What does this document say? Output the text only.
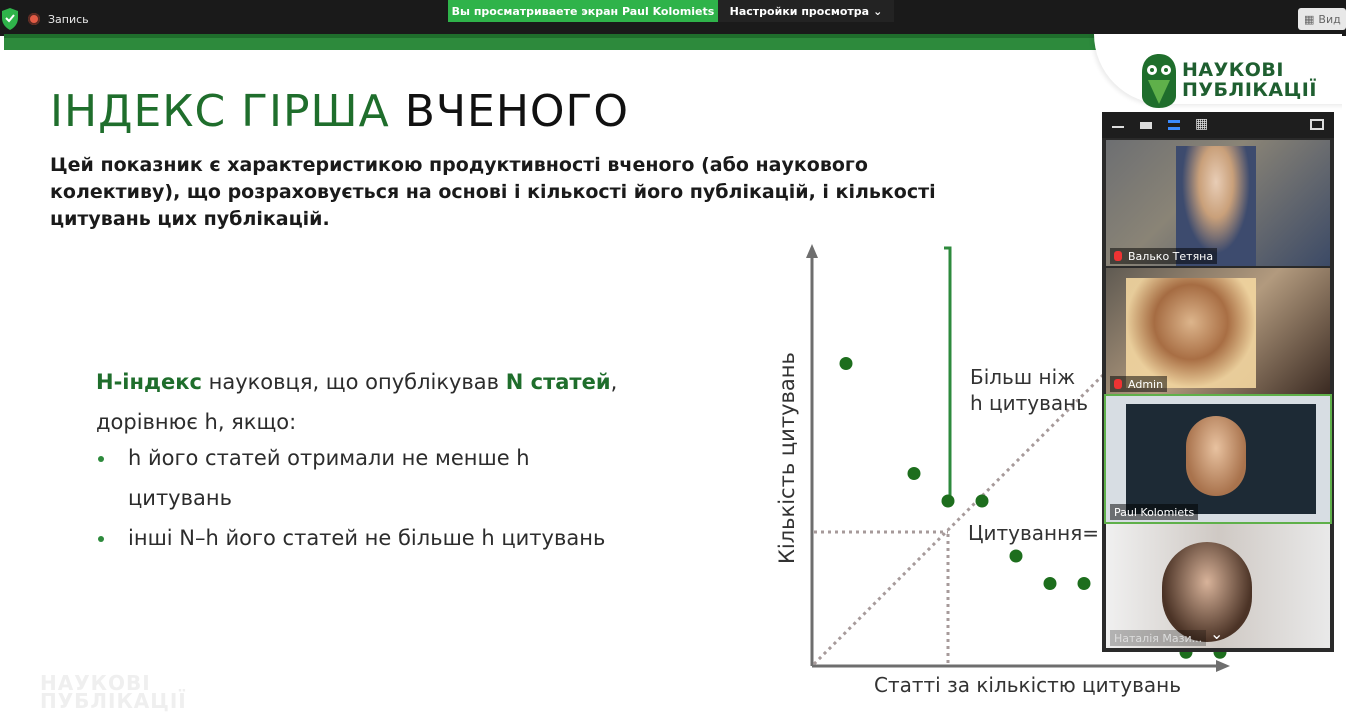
Запись
Вы просматриваете экран Paul Kolomiets	Настройки просмотра ⌄
▦ Вид
НАУКОВІ
ПУБЛІКАЦІЇ
ІНДЕКС ГІРША ВЧЕНОГО
Цей показник є характеристикою продуктивності вченого (або наукового
колективу), що розраховується на основі і кількості його публікацій, і кількості
цитувань цих публікацій.
Н-індекс науковця, що опублікував N статей,
дорівнює h, якщо:
h його статей отримали не менше h
цитувань
інші N–h його статей не більше h цитувань
НАУКОВІ
ПУБЛІКАЦІЇ
Кількість цитувань
Статті за кількістю цитувань
Більш ніж
h цитувань
Цитування=
▦
Валько Тетяна
Admin
Paul Kolomiets
Наталія Мази... ⌄
